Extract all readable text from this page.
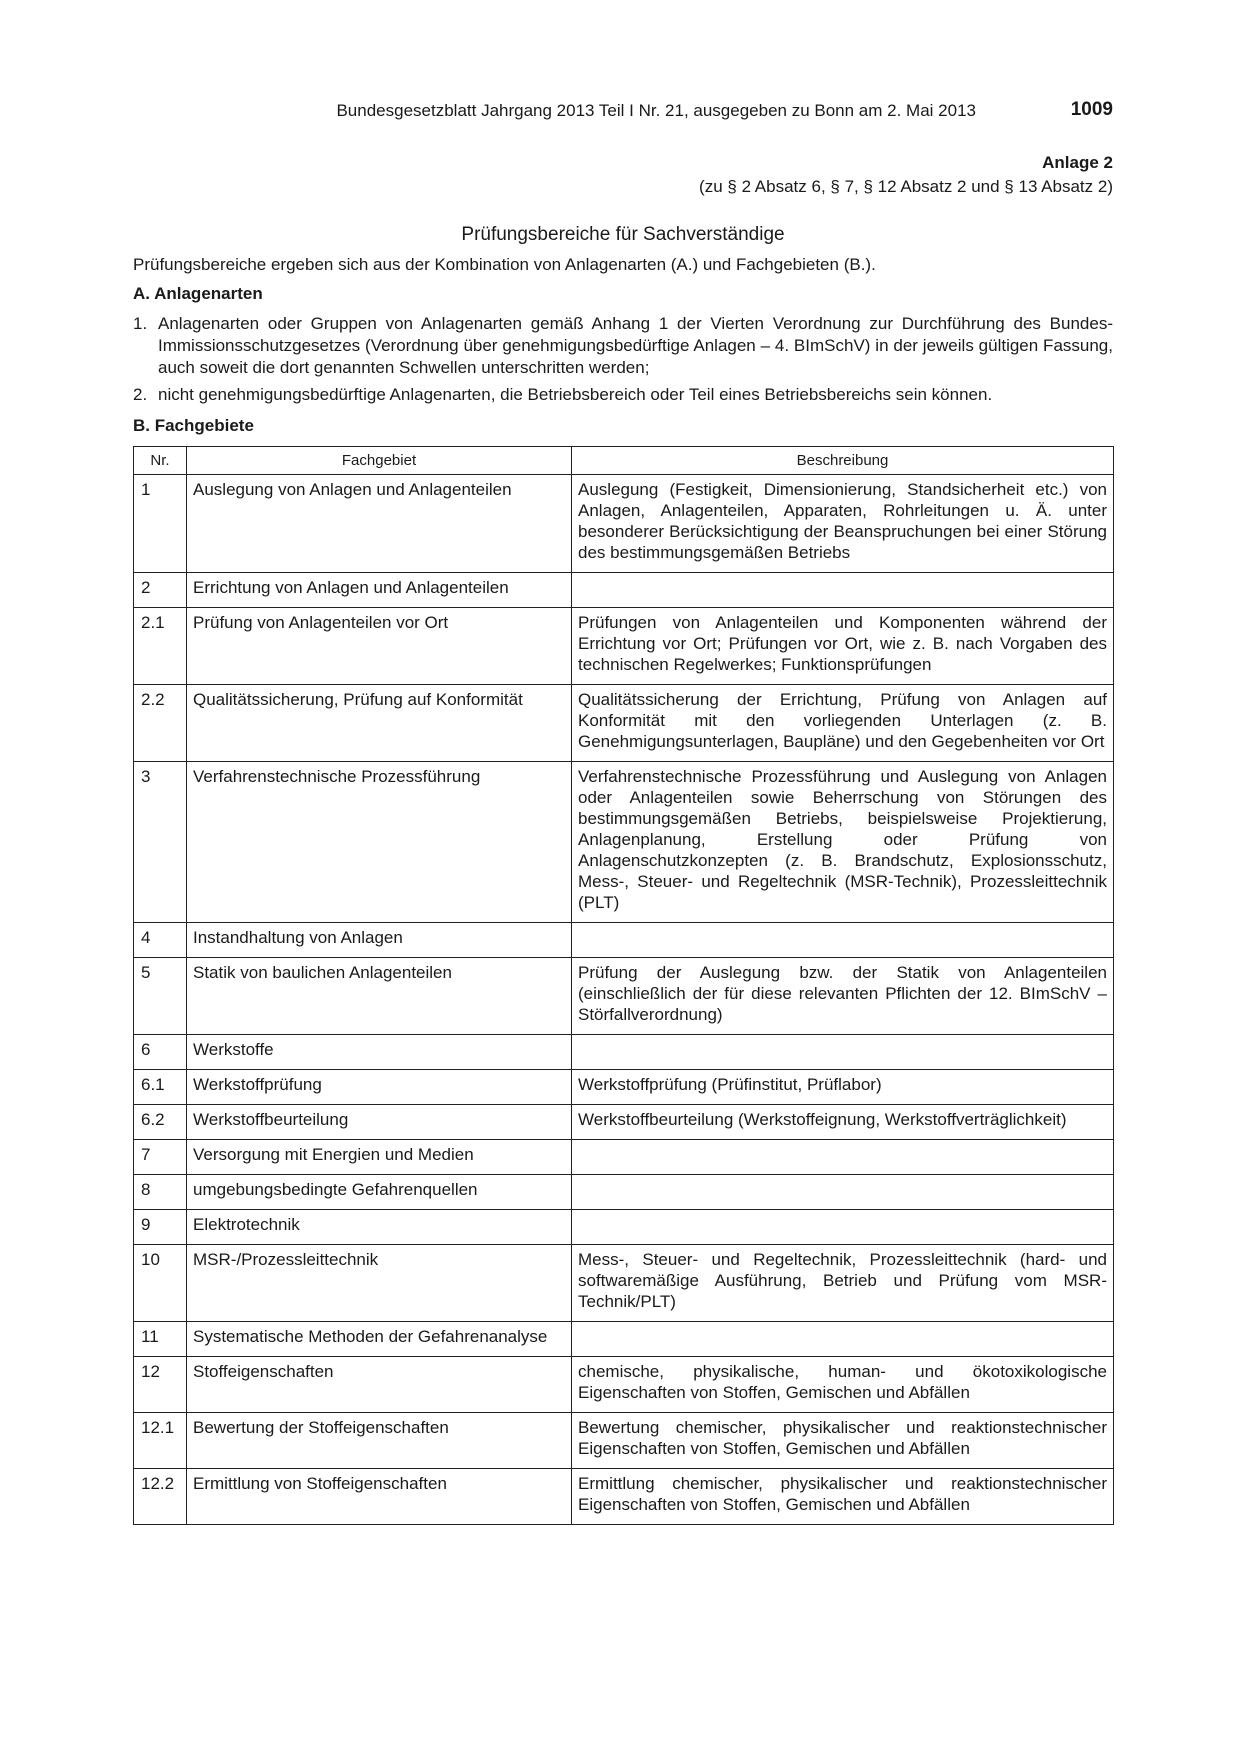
Bundesgesetzblatt Jahrgang 2013 Teil I Nr. 21, ausgegeben zu Bonn am 2. Mai 2013	1009
Anlage 2
(zu § 2 Absatz 6, § 7, § 12 Absatz 2 und § 13 Absatz 2)
Prüfungsbereiche für Sachverständige
Prüfungsbereiche ergeben sich aus der Kombination von Anlagenarten (A.) und Fachgebieten (B.).
A. Anlagenarten
1. Anlagenarten oder Gruppen von Anlagenarten gemäß Anhang 1 der Vierten Verordnung zur Durchführung des Bundes-Immissionsschutzgesetzes (Verordnung über genehmigungsbedürftige Anlagen – 4. BImSchV) in der jeweils gültigen Fassung, auch soweit die dort genannten Schwellen unterschritten werden;
2. nicht genehmigungsbedürftige Anlagenarten, die Betriebsbereich oder Teil eines Betriebsbereichs sein können.
B. Fachgebiete
Nr.	Fachgebiet	Beschreibung
1	Auslegung von Anlagen und Anlagenteilen	Auslegung (Festigkeit, Dimensionierung, Standsicherheit etc.) von Anlagen, Anlagenteilen, Apparaten, Rohrleitungen u. Ä. unter besonderer Berücksichtigung der Beanspruchungen bei einer Störung des bestimmungsgemäßen Betriebs
2	Errichtung von Anlagen und Anlagenteilen	
2.1	Prüfung von Anlagenteilen vor Ort	Prüfungen von Anlagenteilen und Komponenten während der Errichtung vor Ort; Prüfungen vor Ort, wie z. B. nach Vorgaben des technischen Regelwerkes; Funktionsprüfungen
2.2	Qualitätssicherung, Prüfung auf Konformität	Qualitätssicherung der Errichtung, Prüfung von Anlagen auf Konformität mit den vorliegenden Unterlagen (z. B. Genehmigungsunterlagen, Baupläne) und den Gegebenheiten vor Ort
3	Verfahrenstechnische Prozessführung	Verfahrenstechnische Prozessführung und Auslegung von Anlagen oder Anlagenteilen sowie Beherrschung von Störungen des bestimmungsgemäßen Betriebs, beispielsweise Projektierung, Anlagenplanung, Erstellung oder Prüfung von Anlagenschutzkonzepten (z. B. Brandschutz, Explosionsschutz, Mess-, Steuer- und Regeltechnik (MSR-Technik), Prozessleittechnik (PLT)
4	Instandhaltung von Anlagen	
5	Statik von baulichen Anlagenteilen	Prüfung der Auslegung bzw. der Statik von Anlagenteilen (einschließlich der für diese relevanten Pflichten der 12. BImSchV – Störfallverordnung)
6	Werkstoffe	
6.1	Werkstoffprüfung	Werkstoffprüfung (Prüfinstitut, Prüflabor)
6.2	Werkstoffbeurteilung	Werkstoffbeurteilung (Werkstoffeignung, Werkstoffverträglichkeit)
7	Versorgung mit Energien und Medien	
8	umgebungsbedingte Gefahrenquellen	
9	Elektrotechnik	
10	MSR-/Prozessleittechnik	Mess-, Steuer- und Regeltechnik, Prozessleittechnik (hard- und softwaremäßige Ausführung, Betrieb und Prüfung vom MSR-Technik/PLT)
11	Systematische Methoden der Gefahrenanalyse	
12	Stoffeigenschaften	chemische, physikalische, human- und ökotoxikologische Eigenschaften von Stoffen, Gemischen und Abfällen
12.1	Bewertung der Stoffeigenschaften	Bewertung chemischer, physikalischer und reaktionstechnischer Eigenschaften von Stoffen, Gemischen und Abfällen
12.2	Ermittlung von Stoffeigenschaften	Ermittlung chemischer, physikalischer und reaktionstechnischer Eigenschaften von Stoffen, Gemischen und Abfällen
